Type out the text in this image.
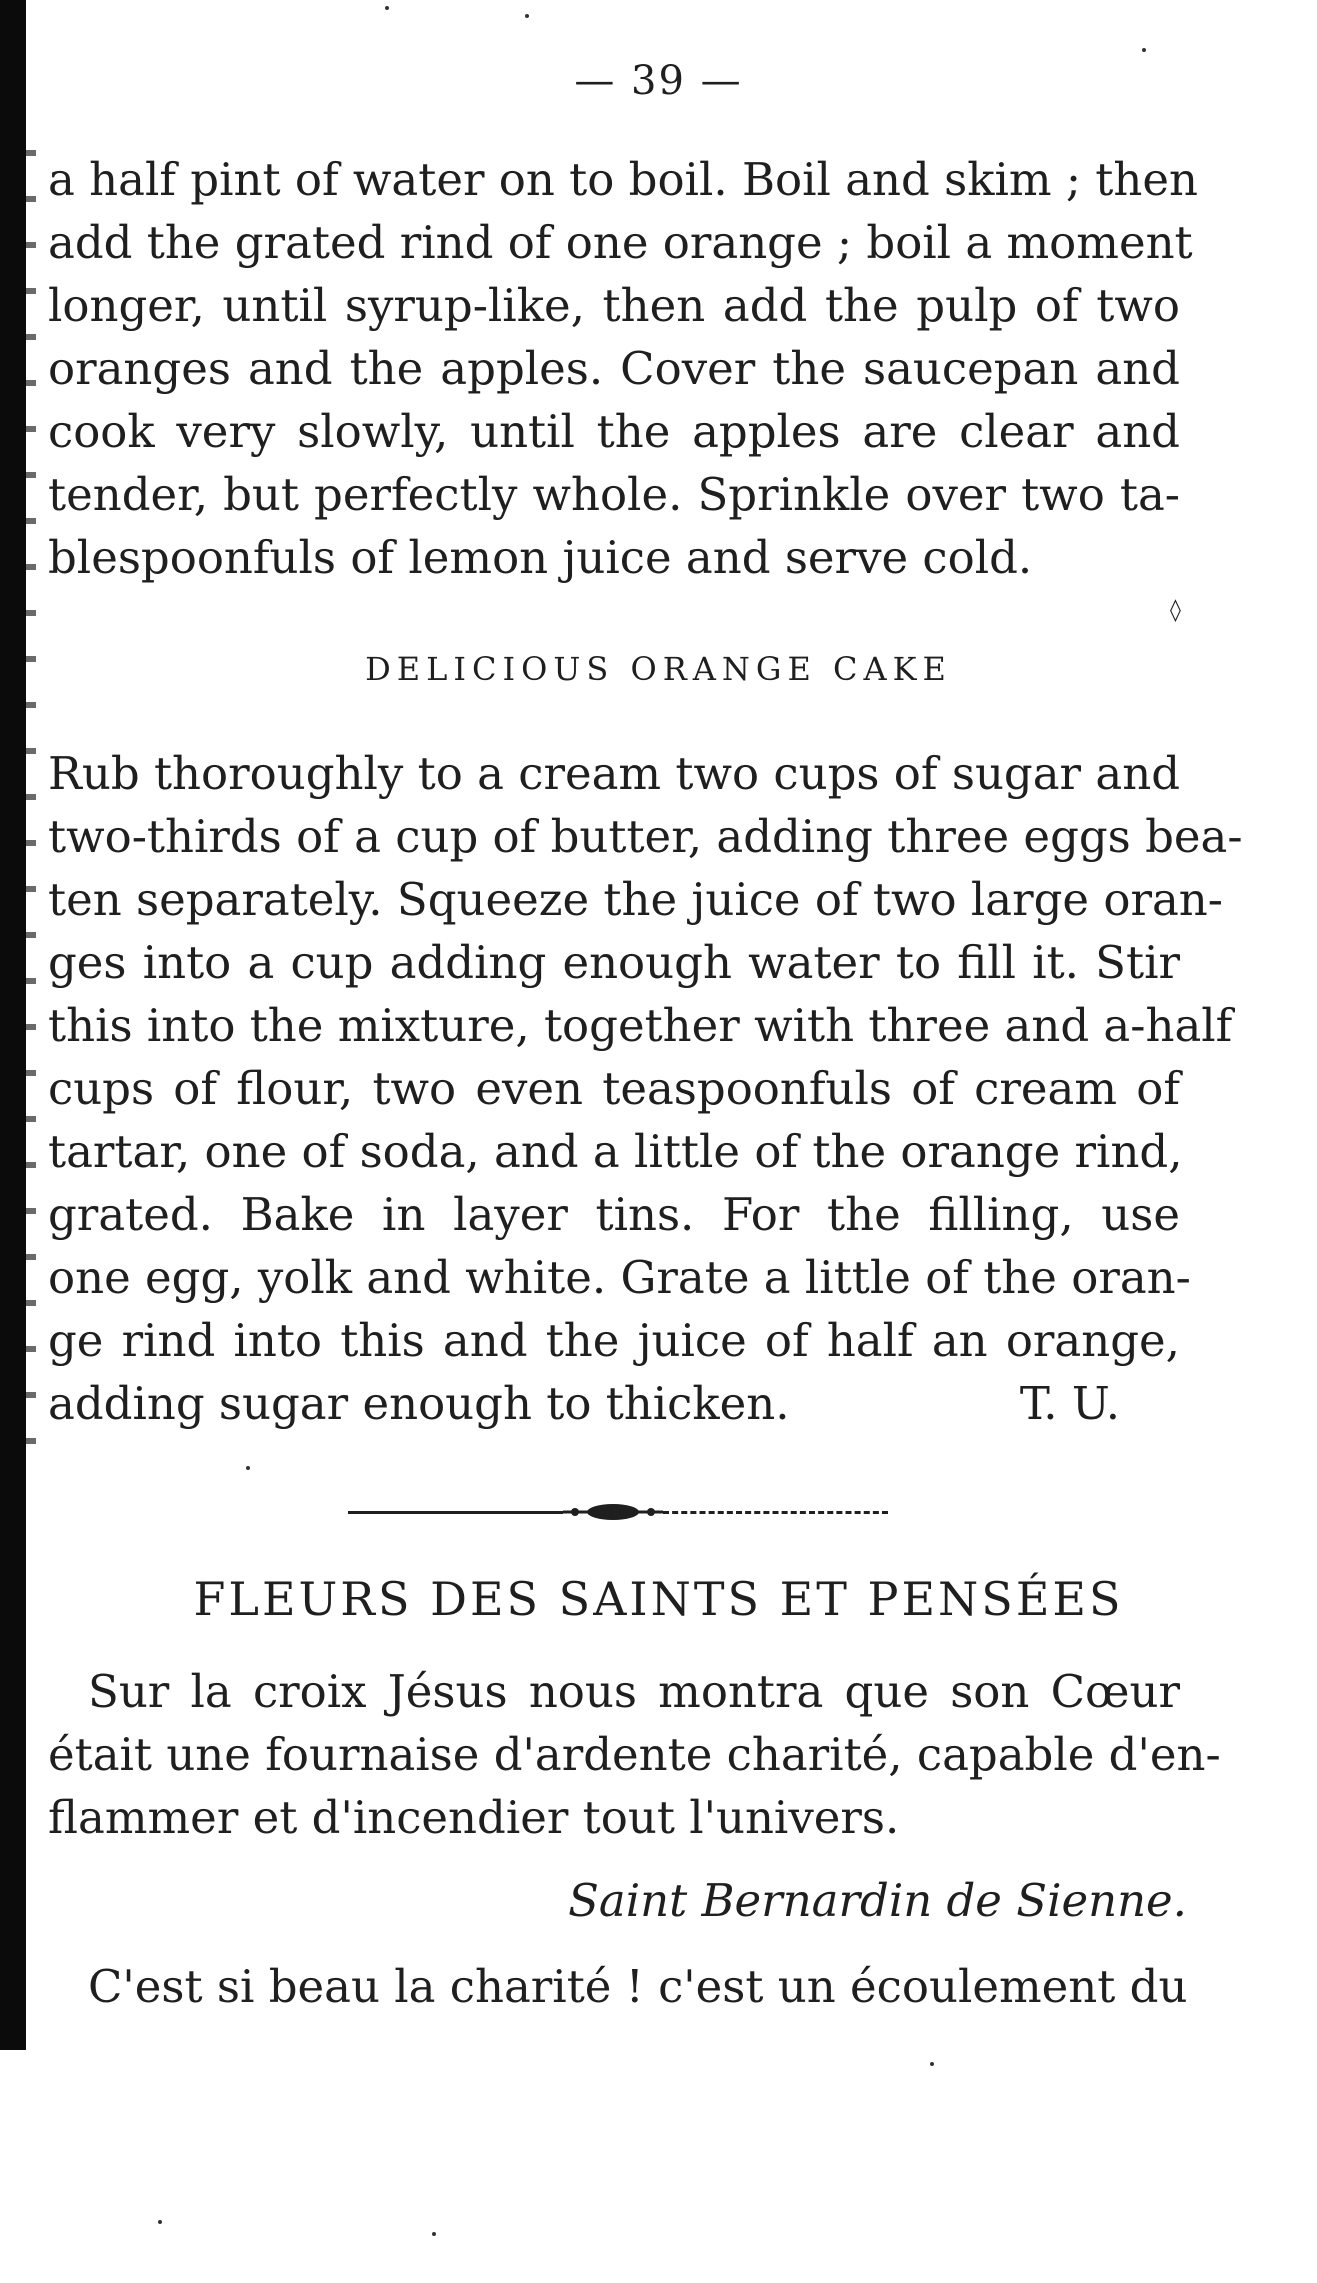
— 39 —
a half pint of water on to boil. Boil and skim ; then
add the grated rind of one orange ; boil a moment
longer, until syrup-like, then add the pulp of two
oranges and the apples. Cover the saucepan and
cook very slowly, until the apples are clear and
tender, but perfectly whole. Sprinkle over two ta-
blespoonfuls of lemon juice and serve cold.
◊
DELICIOUS ORANGE CAKE
Rub thoroughly to a cream two cups of sugar and
two-thirds of a cup of butter, adding three eggs bea-
ten separately. Squeeze the juice of two large oran-
ges into a cup adding enough water to fill it. Stir
this into the mixture, together with three and a-half
cups of flour, two even teaspoonfuls of cream of
tartar, one of soda, and a little of the orange rind,
grated. Bake in layer tins. For the filling, use
one egg, yolk and white. Grate a little of the oran-
ge rind into this and the juice of half an orange,
adding sugar enough to thicken.	T. U.
FLEURS DES SAINTS ET PENSÉES
Sur la croix Jésus nous montra que son Cœur
était une fournaise d'ardente charité, capable d'en-
flammer et d'incendier tout l'univers.
Saint Bernardin de Sienne.
C'est si beau la charité ! c'est un écoulement du
